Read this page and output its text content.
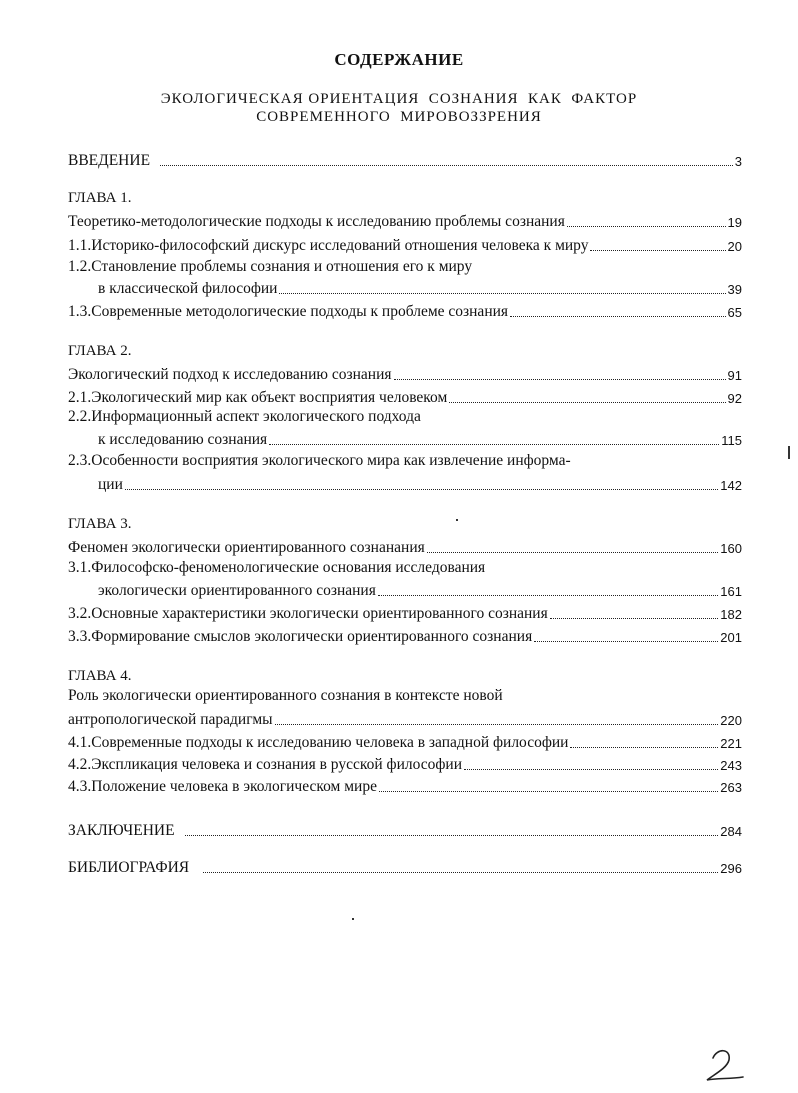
СОДЕРЖАНИЕ
ЭКОЛОГИЧЕСКАЯ ОРИЕНТАЦИЯ  СОЗНАНИЯ  КАК  ФАКТОР
СОВРЕМЕННОГО  МИРОВОЗЗРЕНИЯ
ВВЕДЕНИЕ	3
ГЛАВА 1.
Теоретико-методологические подходы к исследованию проблемы сознания	19
1.1.Историко-философский дискурс исследований отношения человека к миру	20
1.2.Становление проблемы сознания и отношения его к миру
в классической философии	39
1.3.Современные методологические подходы к проблеме сознания	65
ГЛАВА 2.
Экологический подход к исследованию сознания	91
2.1.Экологический мир как объект восприятия человеком	92
2.2.Информационный аспект экологического подхода
к исследованию сознания	115
2.3.Особенности восприятия экологического мира как извлечение информа-
ции	142
ГЛАВА 3.
Феномен экологически ориентированного сознанания	160
3.1.Философско-феноменологические основания исследования
экологически ориентированного сознания	161
3.2.Основные характеристики экологически ориентированного сознания	182
3.3.Формирование смыслов экологически ориентированного сознания	201
ГЛАВА 4.
Роль экологически ориентированного сознания в контексте новой
антропологической парадигмы	220
4.1.Современные подходы к исследованию человека в западной философии	221
4.2.Экспликация человека и сознания в русской философии	243
4.3.Положение человека в экологическом мире	263
ЗАКЛЮЧЕНИЕ	284
БИБЛИОГРАФИЯ	296
